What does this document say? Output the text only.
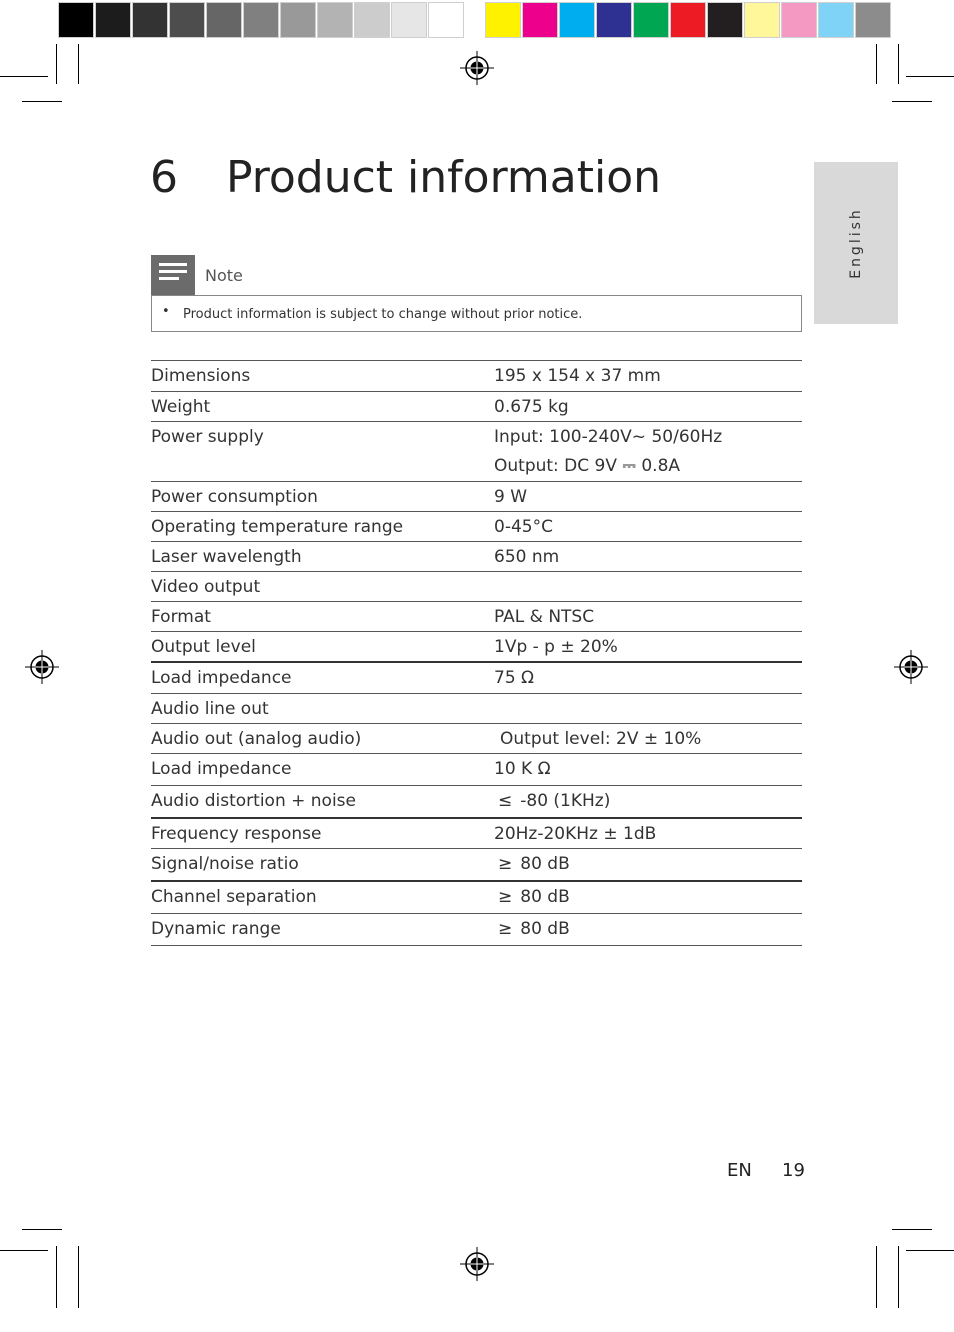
English
6 Product information
Note
• Product information is subject to change without prior notice.
Dimensions	195 x 154 x 37 mm
Weight	0.675 kg
Power supply	Input: 100-240V~ 50/60Hz
Output: DC 9V ⎓ 0.8A
Power consumption	9 W
Operating temperature range	0-45°C
Laser wavelength	650 nm
Video output
Format	PAL & NTSC
Output level	1Vp - p ± 20%
Load impedance	75 Ω
Audio line out
Audio out (analog audio)	Output level: 2V ± 10%
Load impedance	10 K Ω
Audio distortion + noise	≤ -80 (1KHz)
Frequency response	20Hz-20KHz ± 1dB
Signal/noise ratio	≥ 80 dB
Channel separation	≥ 80 dB
Dynamic range	≥ 80 dB
EN 19
